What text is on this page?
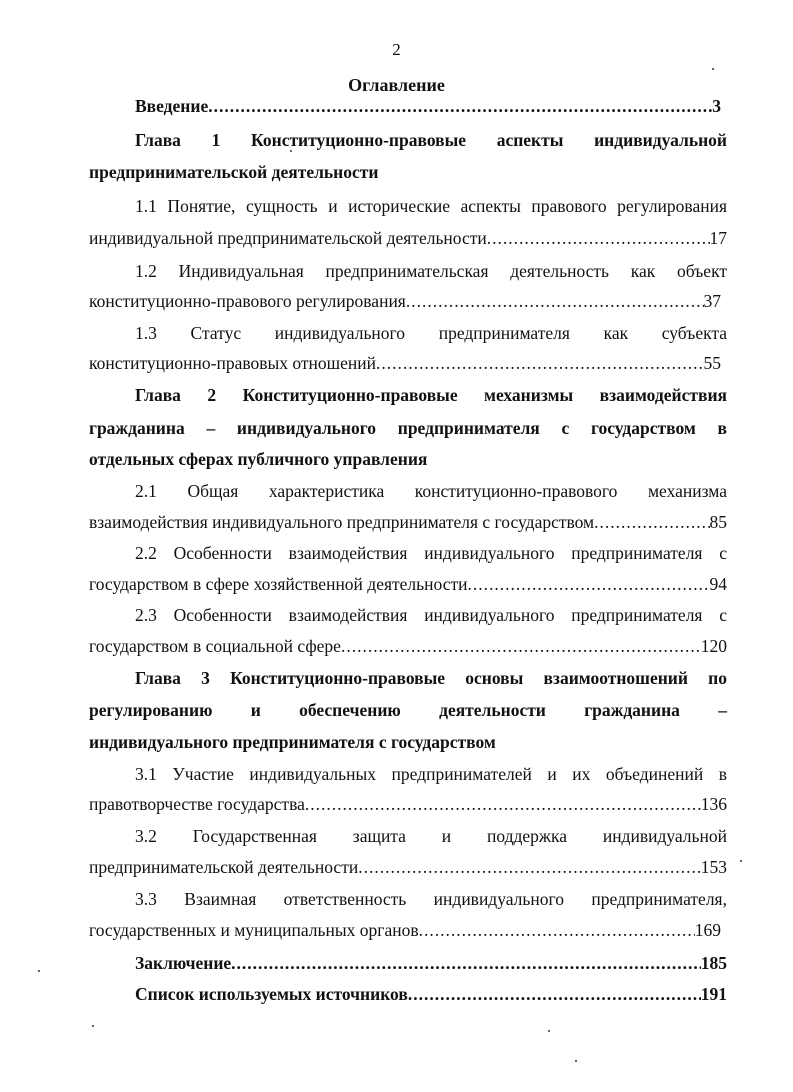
2
Оглавление
Введение .....	3
Глава 1 Конституционно-правовые аспекты индивидуальной
предпринимательской деятельности
1.1 Понятие, сущность и исторические аспекты правового регулирования
индивидуальной предпринимательской деятельности .....	17
1.2 Индивидуальная предпринимательская деятельность как объект
конституционно-правового регулирования .....	37
1.3 Статус индивидуального предпринимателя как субъекта
конституционно-правовых отношений .....	55
Глава 2 Конституционно-правовые механизмы взаимодействия
гражданина – индивидуального предпринимателя с государством в
отдельных сферах публичного управления
2.1 Общая характеристика конституционно-правового механизма
взаимодействия индивидуального предпринимателя с государством .....	85
2.2 Особенности взаимодействия индивидуального предпринимателя с
государством в сфере хозяйственной деятельности .....	94
2.3 Особенности взаимодействия индивидуального предпринимателя с
государством в социальной сфере .....	120
Глава 3 Конституционно-правовые основы взаимоотношений по
регулированию и обеспечению деятельности гражданина –
индивидуального предпринимателя с государством
3.1 Участие индивидуальных предпринимателей и их объединений в
правотворчестве государства .....	136
3.2 Государственная защита и поддержка индивидуальной
предпринимательской деятельности .....	153
3.3 Взаимная ответственность индивидуального предпринимателя,
государственных и муниципальных органов .....	169
Заключение .....	185
Список используемых источников .....	191
